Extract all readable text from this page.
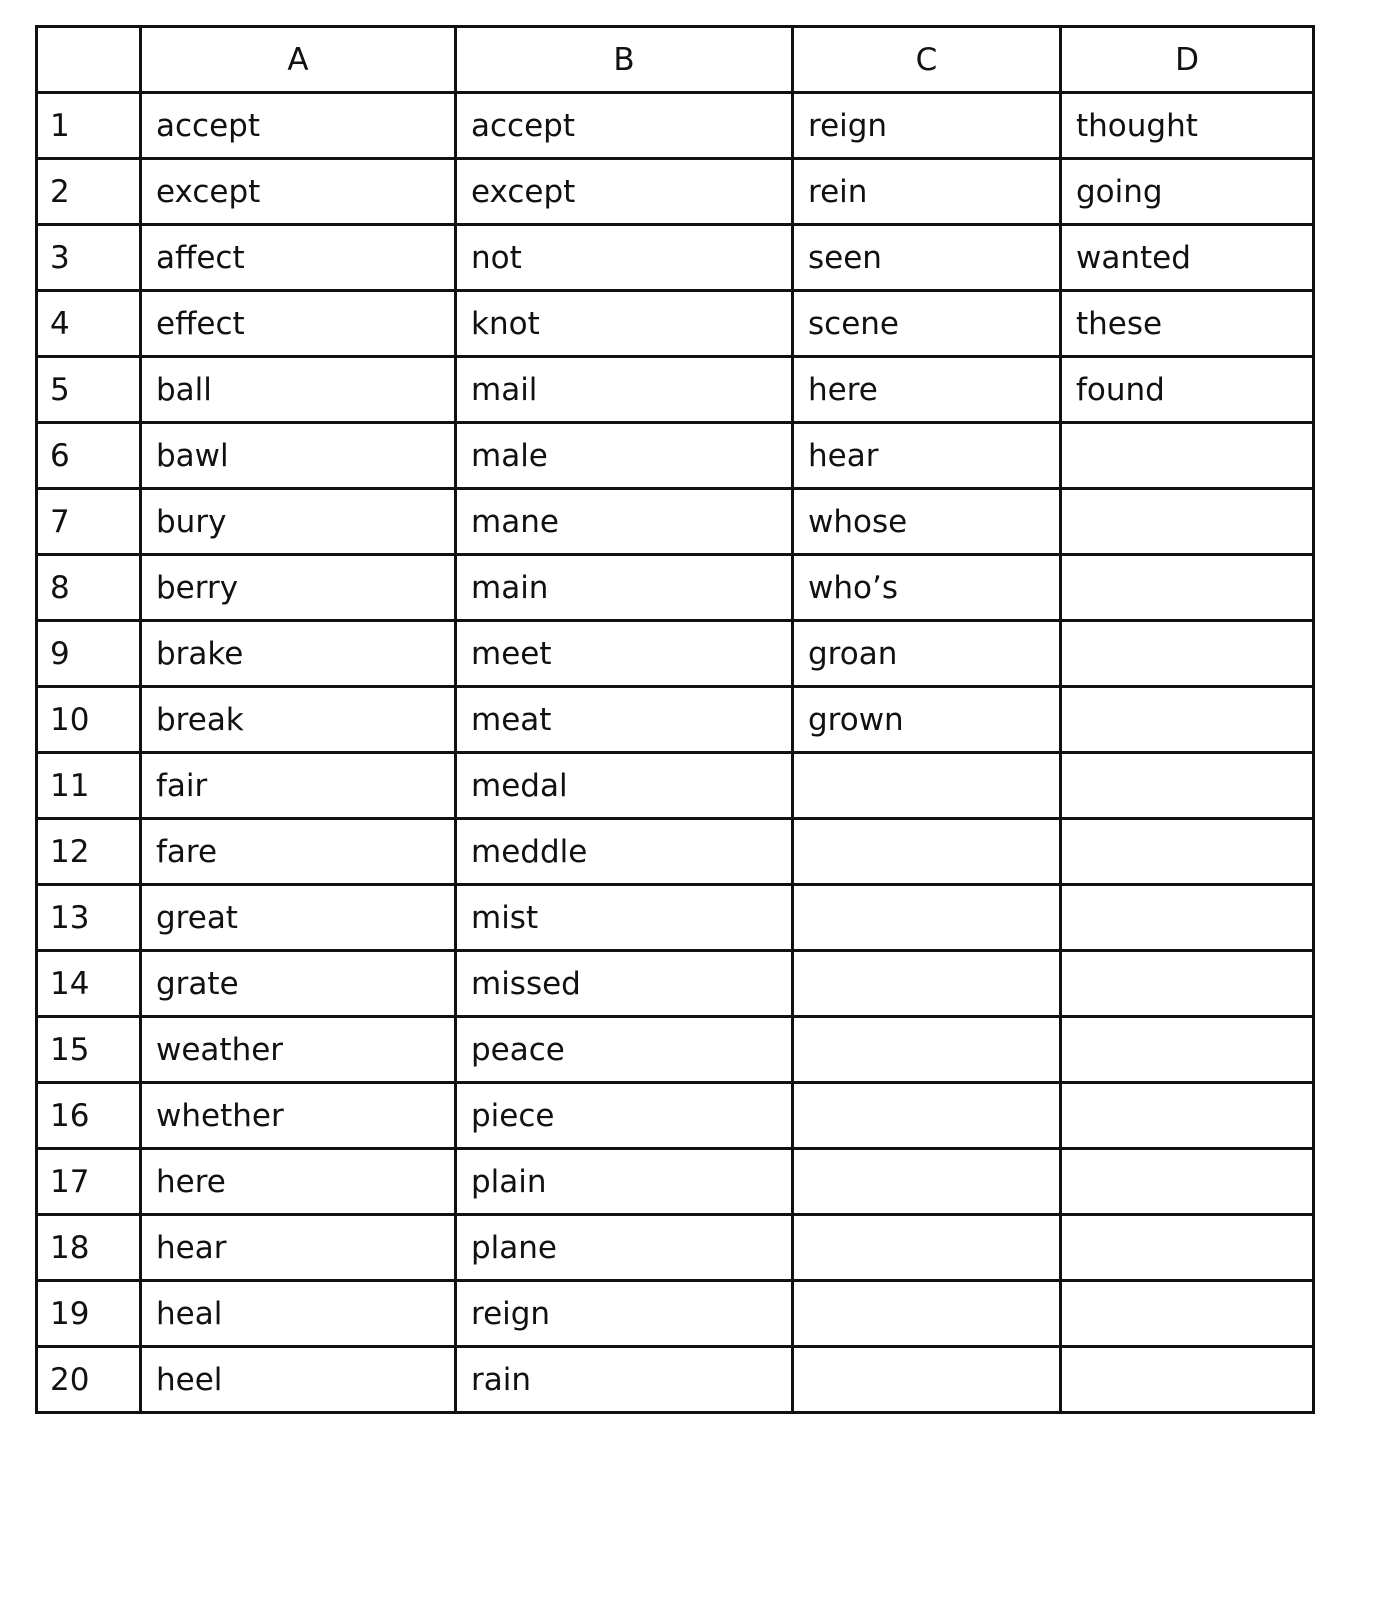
	A	B	C	D
1	accept	accept	reign	thought
2	except	except	rein	going
3	affect	not	seen	wanted
4	effect	knot	scene	these
5	ball	mail	here	found
6	bawl	male	hear	
7	bury	mane	whose	
8	berry	main	who’s	
9	brake	meet	groan	
10	break	meat	grown	
11	fair	medal		
12	fare	meddle		
13	great	mist		
14	grate	missed		
15	weather	peace		
16	whether	piece		
17	here	plain		
18	hear	plane		
19	heal	reign		
20	heel	rain		
